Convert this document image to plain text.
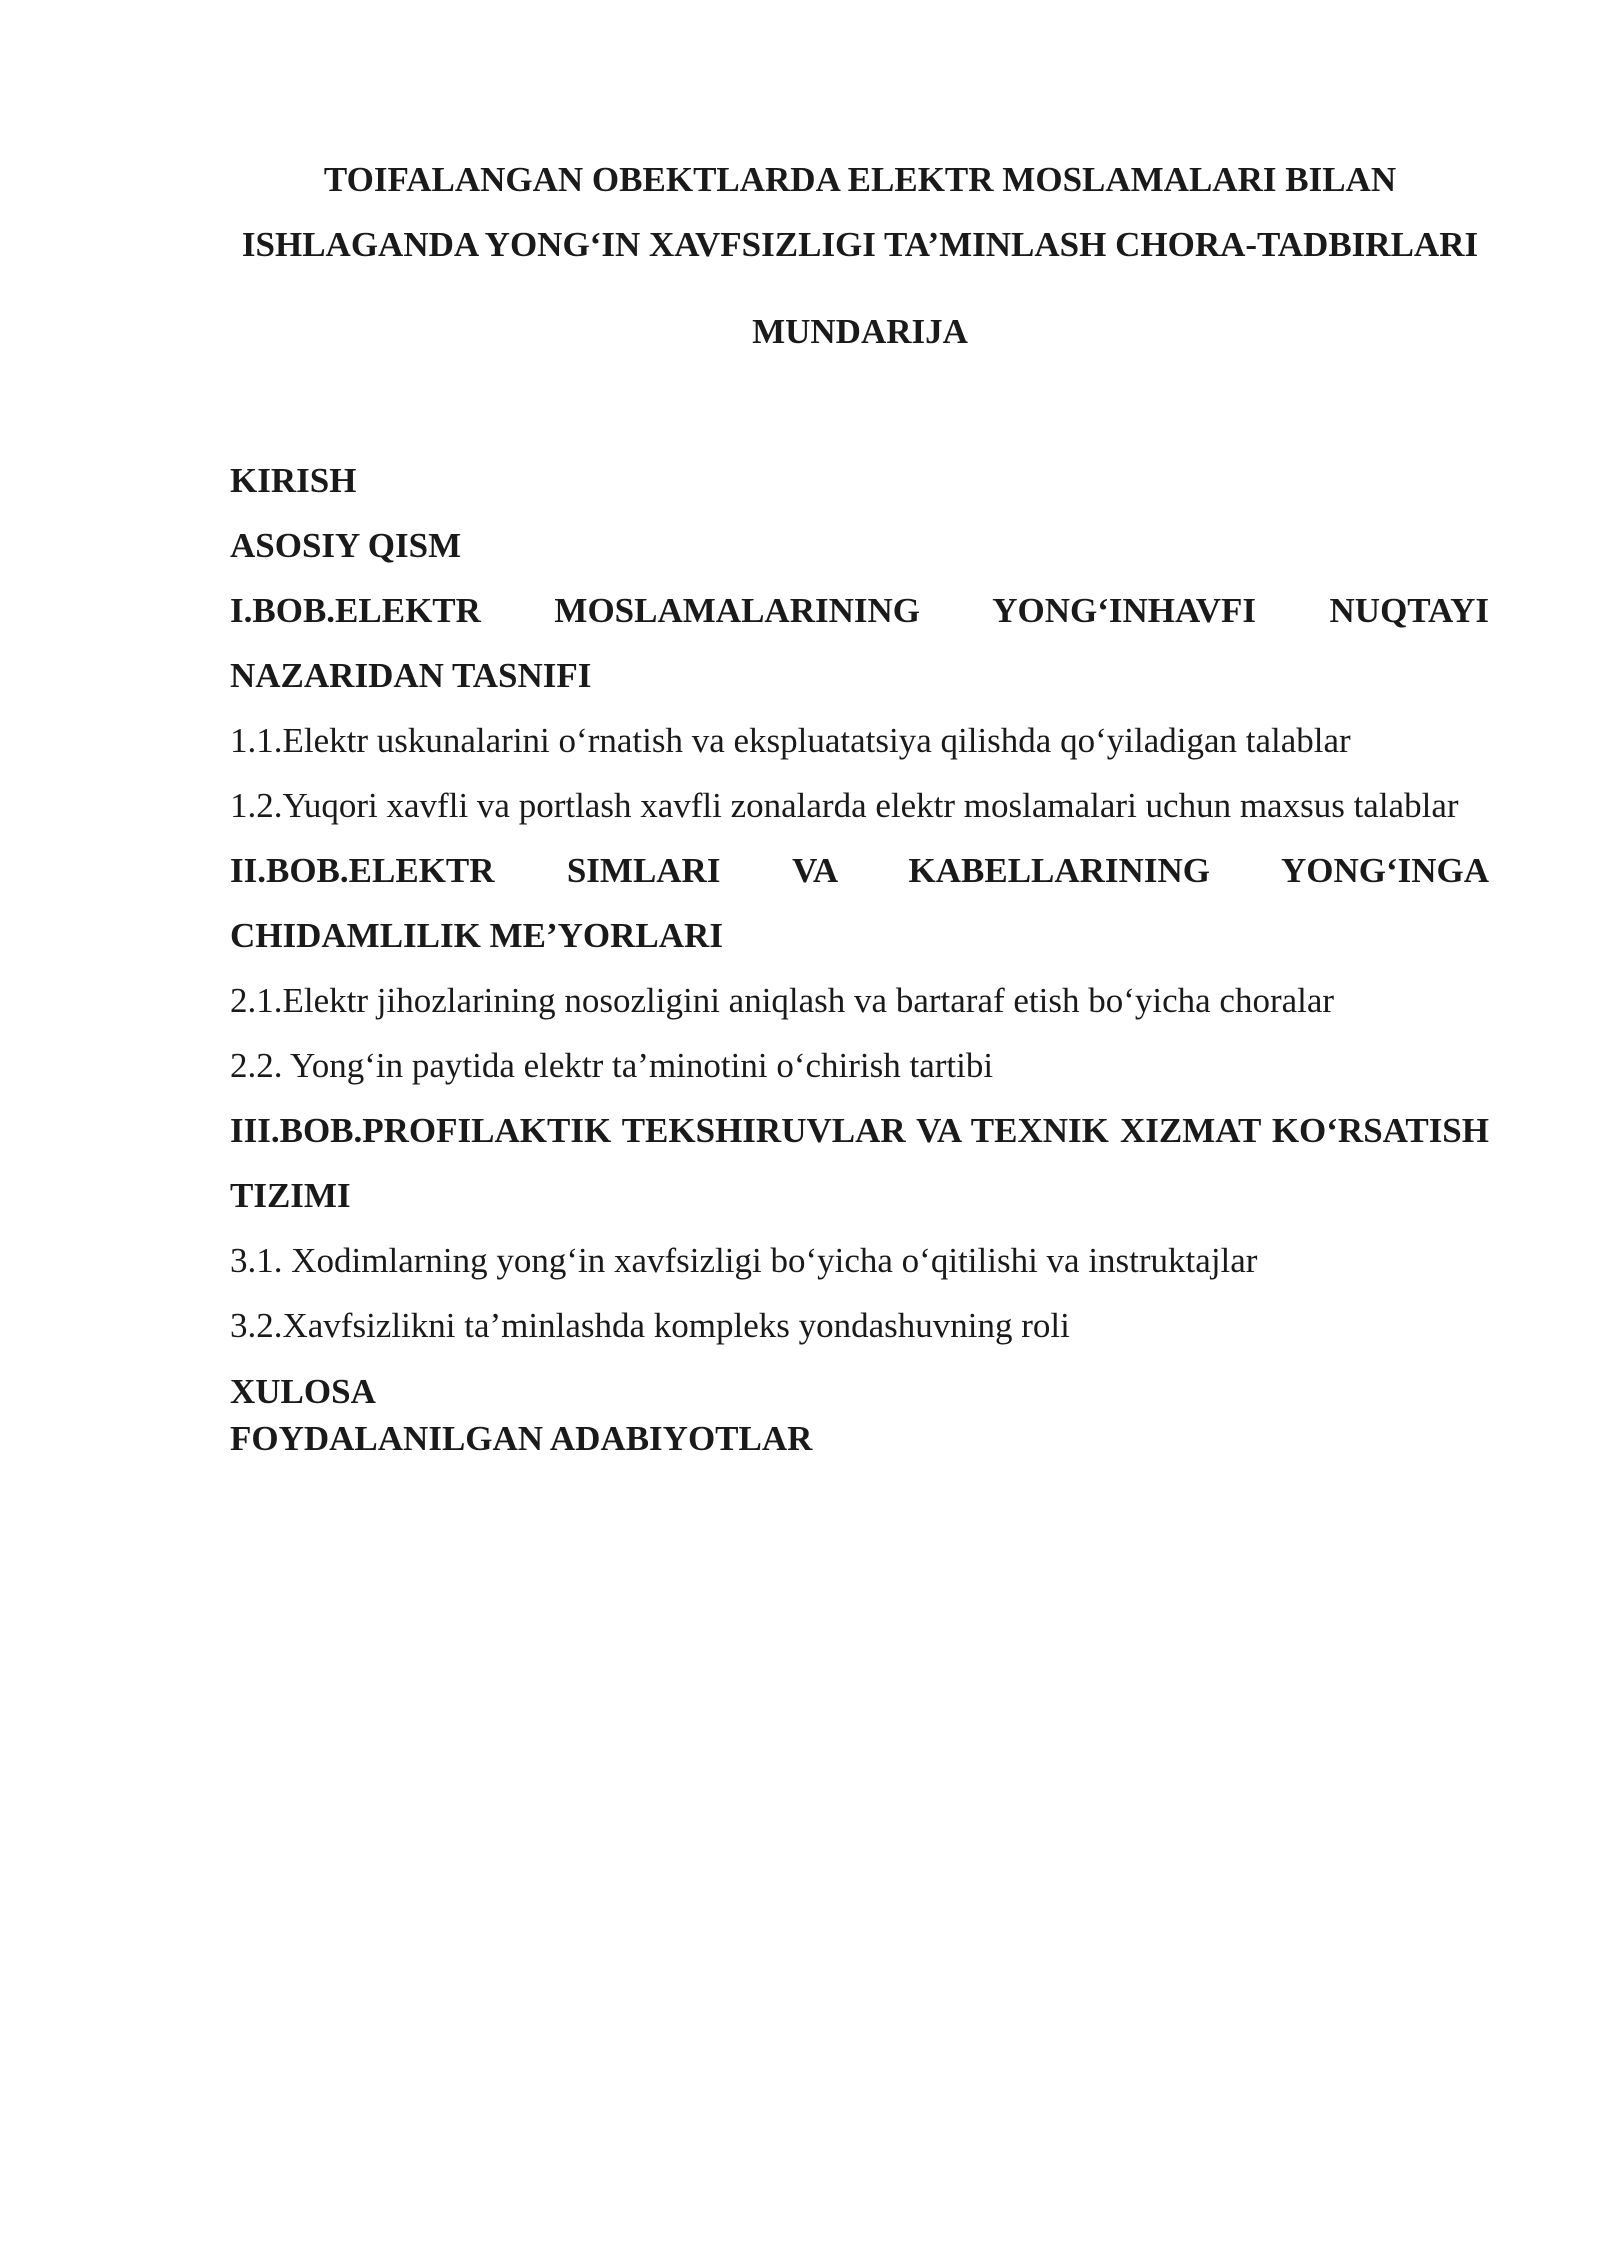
TOIFALANGAN OBEKTLARDA ELEKTR MOSLAMALARI BILAN ISHLAGANDA YONG‘IN XAVFSIZLIGI TA’MINLASH CHORA-TADBIRLARI

MUNDARIJA

KIRISH

ASOSIY QISM

I.BOB.ELEKTR MOSLAMALARINING YONG‘INHAVFI NUQTAYI NAZARIDAN TASNIFI

1.1.Elektr uskunalarini o‘rnatish va ekspluatatsiya qilishda qo‘yiladigan talablar

1.2.Yuqori xavfli va portlash xavfli zonalarda elektr moslamalari uchun maxsus talablar

II.BOB.ELEKTR SIMLARI VA KABELLARINING YONG‘INGA CHIDAMLILIK ME’YORLARI

2.1.Elektr jihozlarining nosozligini aniqlash va bartaraf etish bo‘yicha choralar

2.2. Yong‘in paytida elektr ta’minotini o‘chirish tartibi

III.BOB.PROFILAKTIK TEKSHIRUVLAR VA TEXNIK XIZMAT KO‘RSATISH TIZIMI

3.1. Xodimlarning yong‘in xavfsizligi bo‘yicha o‘qitilishi va instruktajlar

3.2.Xavfsizlikni ta’minlashda kompleks yondashuvning roli

XULOSA

FOYDALANILGAN ADABIYOTLAR
